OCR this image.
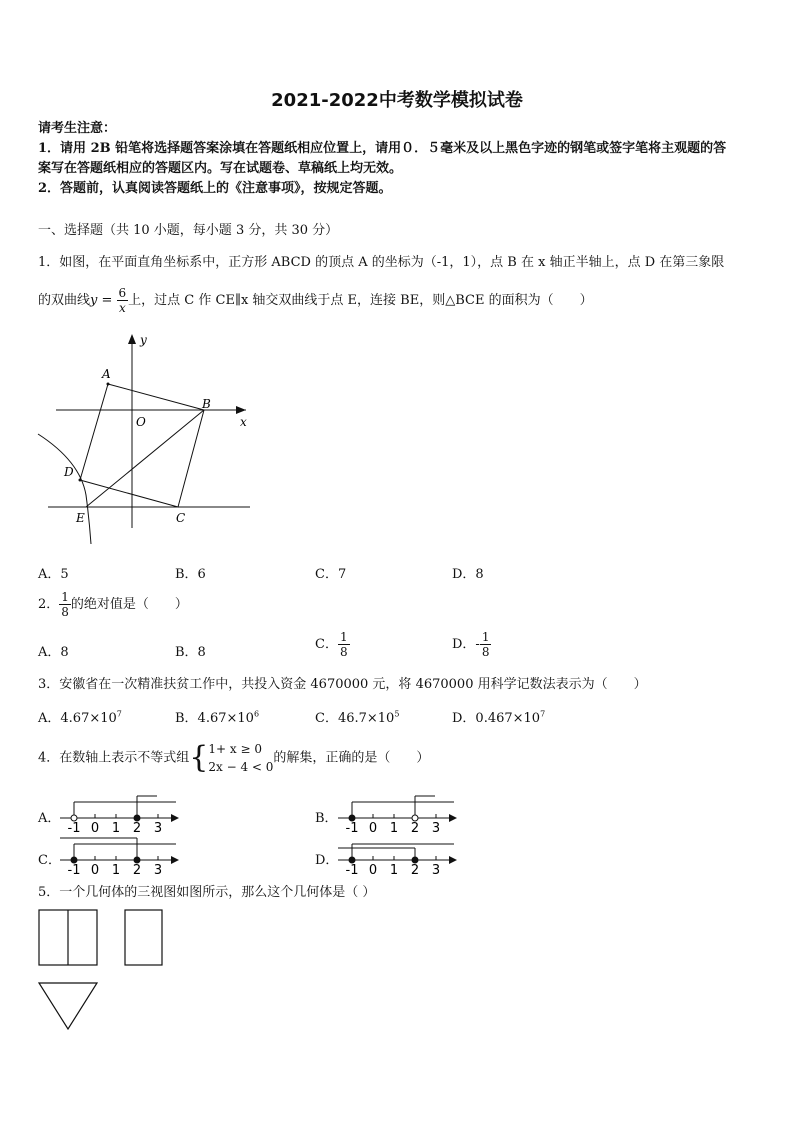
2021-2022中考数学模拟试卷
请考生注意：
1．请用 2B 铅笔将选择题答案涂填在答题纸相应位置上，请用０．５毫米及以上黑色字迹的钢笔或签字笔将主观题的答
案写在答题纸相应的答题区内。写在试题卷、草稿纸上均无效。
2．答题前，认真阅读答题纸上的《注意事项》，按规定答题。
一、选择题（共 10 小题，每小题 3 分，共 30 分）
1．如图，在平面直角坐标系中，正方形 ABCD 的顶点 A 的坐标为（-1，1），点 B 在 x 轴正半轴上，点 D 在第三象限
的双曲线$y = \frac{6}{x}$ 上，过点 C 作 CE∥x 轴交双曲线于点 E，连接 BE，则△BCE 的面积为（　　）
y
x
O
A
B
C
D
E
A．5	B．6	C．7	D．8
2． $\frac{1}{8}$ 的绝对值是（　　）
A．8	B．8
C． $\frac{1}{8}$	D．- $\frac{1}{8}$
3．安徽省在一次精准扶贫工作中，共投入资金 4670000 元，将 4670000 用科学记数法表示为（　　）
A．$4.67\times 10^7$	B．$4.67\times 10^6$	C．$46.7\times 10^5$	D．$0.467\times 10^7$
4．在数轴上表示不等式组{ 1+ x ≥ 0
2x − 4 < 0
的解集，正确的是（　　）
A．	B．
C．	D．
-1 0 1 2 3	-1 0 1 2 3
-1 0 1 2 3	-1 0 1 2 3
5．一个几何体的三视图如图所示，那么这个几何体是（ ）
